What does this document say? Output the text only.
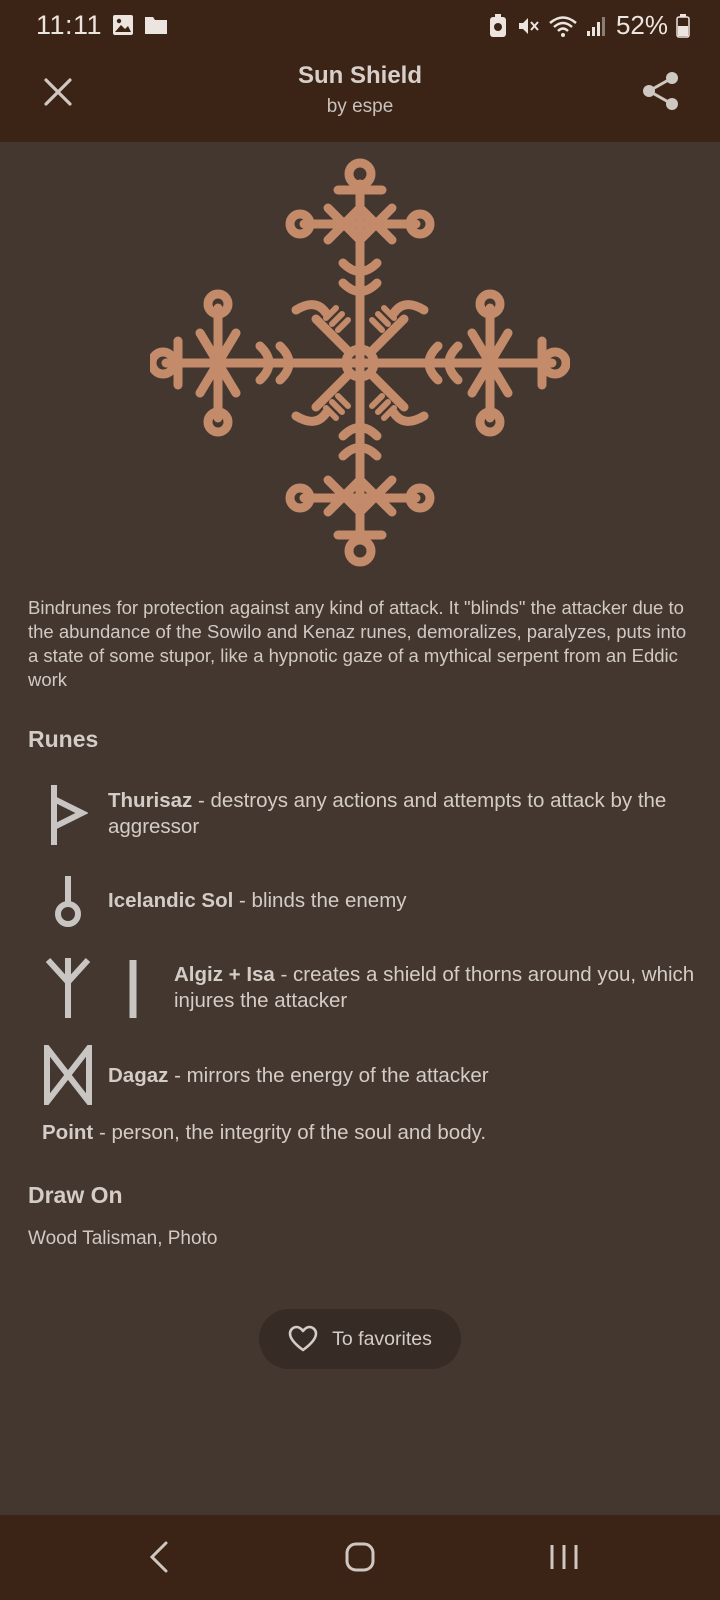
11:11	52%
Sun Shield
by espe
Bindrunes for protection against any kind of attack. It "blinds" the attacker due to the abundance of the Sowilo and Kenaz runes, demoralizes, paralyzes, puts into a state of some stupor, like a hypnotic gaze of a mythical serpent from an Eddic work
Runes
Thurisaz - destroys any actions and attempts to attack by the aggressor
Icelandic Sol - blinds the enemy
Algiz + Isa - creates a shield of thorns around you, which injures the attacker
Dagaz - mirrors the energy of the attacker
Point - person, the integrity of the soul and body.
Draw On
Wood Talisman, Photo
To favorites
